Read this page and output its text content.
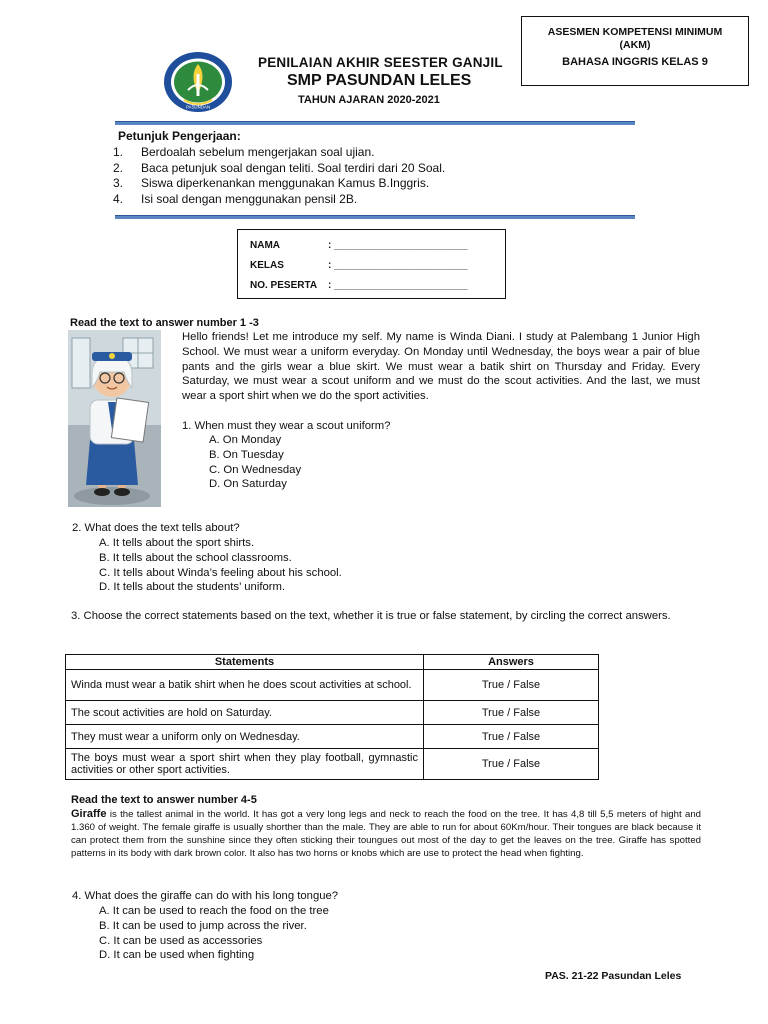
ASESMEN KOMPETENSI MINIMUM
(AKM)
BAHASA INGGRIS KELAS 9
PASUNDAN
PENILAIAN AKHIR SEESTER GANJIL
SMP PASUNDAN LELES
TAHUN AJARAN 2020-2021
Petunjuk Pengerjaan:
1.	Berdoalah sebelum mengerjakan soal ujian.
2.	Baca petunjuk soal dengan teliti. Soal terdiri dari 20 Soal.
3.	Siswa diperkenankan menggunakan Kamus B.Inggris.
4.	Isi soal dengan menggunakan pensil 2B.
NAMA	: ________________________
KELAS	: ________________________
NO. PESERTA	: ________________________
Read the text to answer number 1 -3
Hello friends! Let me introduce my self. My name is Winda Diani. I study at Palembang 1 Junior High School. We must wear a uniform everyday. On Monday until Wednesday, the boys wear a pair of blue pants and the girls wear a blue skirt. We must wear a batik shirt on Thursday and Friday. Every Saturday, we must wear a scout uniform and we must do the scout activities. And the last, we must wear a sport shirt when we do the sport activities.
1. When must they wear a scout uniform?
A. On Monday
B. On Tuesday
C. On Wednesday
D. On Saturday
2. What does the text tells about?
A. It tells about the sport shirts.
B. It tells about the school classrooms.
C. It tells about Winda’s feeling about his school.
D. It tells about the students’ uniform.
3. Choose the correct statements based on the text, whether it is true or false statement, by circling the correct answers.
Statements	Answers
Winda must wear a batik shirt when he does scout activities at school.	True / False
The scout activities are hold on Saturday.	True / False
They must wear a uniform only on Wednesday.	True / False
The boys must wear a sport shirt when they play football, gymnastic activities or other sport activities.	True / False
Read the text to answer number 4-5
Giraffe is the tallest animal in the world. It has got a very long legs and neck to reach the food on the tree. It has 4,8 till 5,5 meters of hight and 1.360 of weight. The female giraffe is usually shorther than the male. They are able to run for about 60Km/hour. Their tongues are black because it can protect them from the sunshine since they often sticking their toungues out most of the day to get the leaves on the tree. Giraffe has spotted patterns in its body with dark brown color. It also has two horns or knobs which are use to protect the head when fighting.
4. What does the giraffe can do with his long tongue?
A. It can be used to reach the food on the tree
B. It can be used to jump across the river.
C. It can be used as accessories
D. It can be used when fighting
PAS. 21-22 Pasundan Leles
